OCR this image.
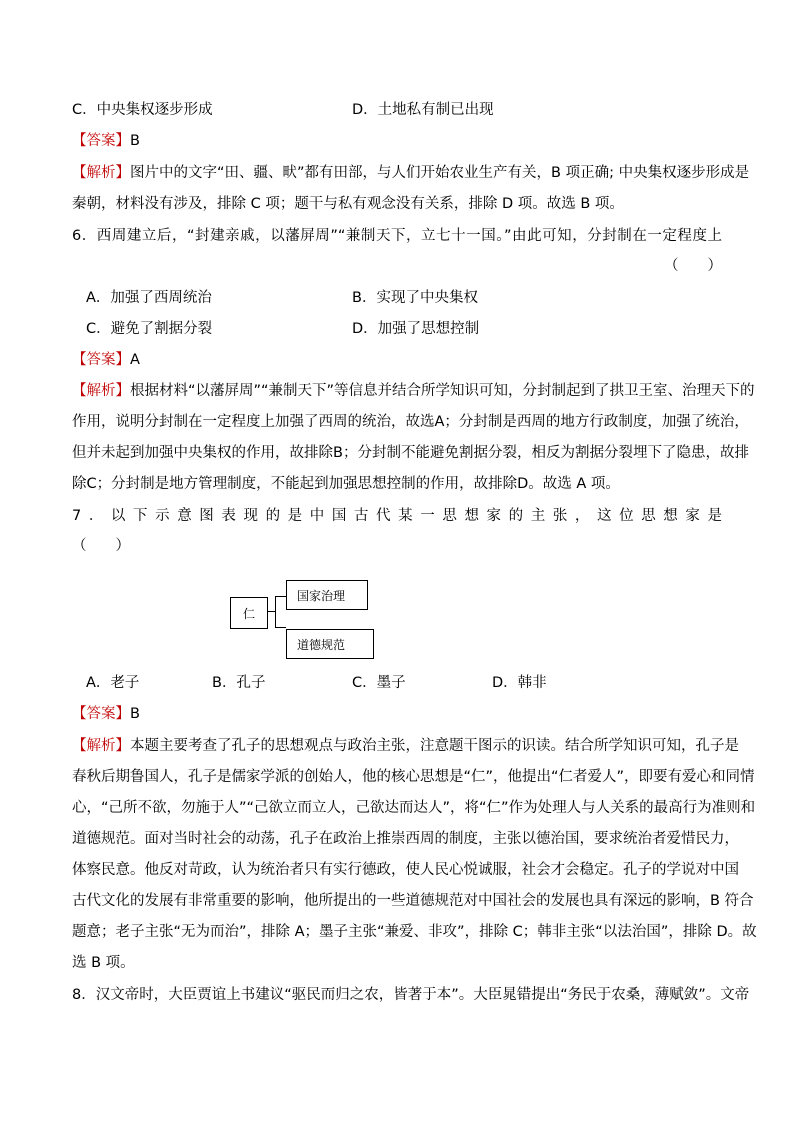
C．中央集权逐步形成	D．土地私有制已出现
【答案】B
【解析】图片中的文字“田、疆、畎”都有田部，与人们开始农业生产有关，B 项正确; 中央集权逐步形成是
秦朝，材料没有涉及，排除 C 项；题干与私有观念没有关系，排除 D 项。故选 B 项。
6．西周建立后，“封建亲戚，以藩屏周”“兼制天下，立七十一国。”由此可知，分封制在一定程度上
（　　）
A．加强了西周统治	B．实现了中央集权
C．避免了割据分裂	D．加强了思想控制
【答案】A
【解析】根据材料“以藩屏周”“兼制天下”等信息并结合所学知识可知，分封制起到了拱卫王室、治理天下的
作用，说明分封制在一定程度上加强了西周的统治，故选A；分封制是西周的地方行政制度，加强了统治，
但并未起到加强中央集权的作用，故排除B；分封制不能避免割据分裂，相反为割据分裂埋下了隐患，故排
除C；分封制是地方管理制度，不能起到加强思想控制的作用，故排除D。故选 A 项。
7．以下示意图表现的是中国古代某一思想家的主张，这位思想家是
（　　）
仁
国家治理
道德规范
A．老子	B．孔子	C．墨子	D．韩非
【答案】B
【解析】本题主要考查了孔子的思想观点与政治主张，注意题干图示的识读。结合所学知识可知，孔子是
春秋后期鲁国人，孔子是儒家学派的创始人，他的核心思想是“仁”，他提出“仁者爱人”，即要有爱心和同情
心，“己所不欲，勿施于人”“己欲立而立人，己欲达而达人”，将“仁”作为处理人与人关系的最高行为准则和
道德规范。面对当时社会的动荡，孔子在政治上推崇西周的制度，主张以德治国，要求统治者爱惜民力，
体察民意。他反对苛政，认为统治者只有实行德政，使人民心悦诚服，社会才会稳定。孔子的学说对中国
古代文化的发展有非常重要的影响，他所提出的一些道德规范对中国社会的发展也具有深远的影响，B 符合
题意；老子主张“无为而治”，排除 A；墨子主张“兼爱、非攻”，排除 C；韩非主张“以法治国”，排除 D。故
选 B 项。
8．汉文帝时，大臣贾谊上书建议“驱民而归之农，皆著于本”。大臣晁错提出“务民于农桑，薄赋敛”。文帝
